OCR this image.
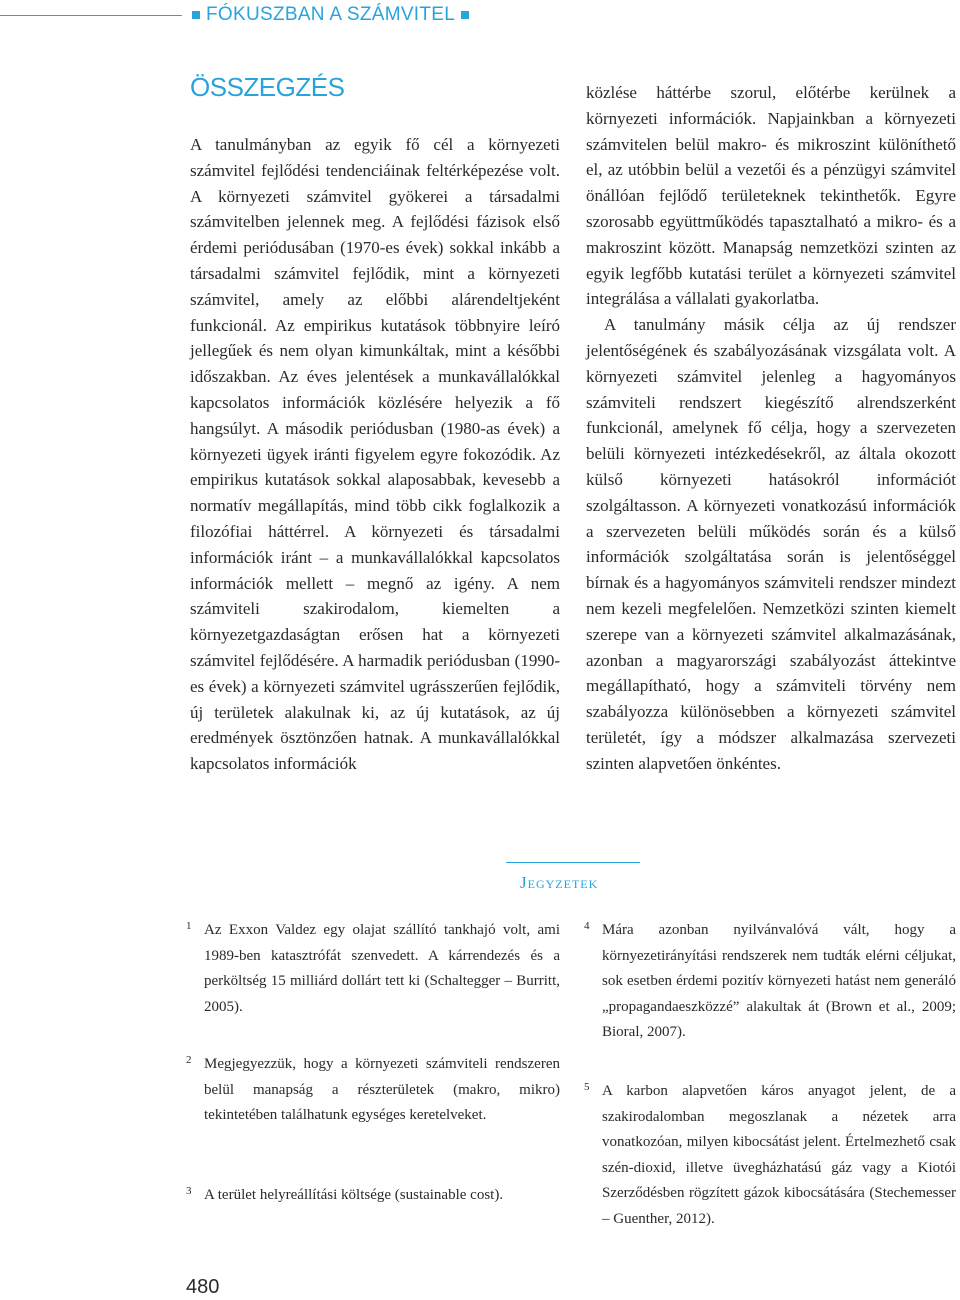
FÓKUSZBAN A SZÁMVITEL
ÖSSZEGZÉS

A tanulmányban az egyik fő cél a környezeti számvitel fejlődési tendenciáinak feltérképezése volt. A környezeti számvitel gyökerei a társadalmi számvitelben jelennek meg. A fejlődési fázisok első érdemi periódusában (1970-es évek) sokkal inkább a társadalmi számvitel fejlődik, mint a környezeti számvitel, amely az előbbi alárendeltjeként funkcionál. Az empirikus kutatások többnyire leíró jellegűek és nem olyan kimunkáltak, mint a későbbi időszakban. Az éves jelentések a munkavállalókkal kapcsolatos információk közlésére helyezik a fő hangsúlyt. A második periódusban (1980-as évek) a környezeti ügyek iránti figyelem egyre fokozódik. Az empirikus kutatások sokkal alaposabbak, kevesebb a normatív megállapítás, mind több cikk foglalkozik a filozófiai háttérrel. A környezeti és társadalmi információk iránt – a munkavállalókkal kapcsolatos információk mellett – megnő az igény. A nem számviteli szakirodalom, kiemelten a környezetgazdaságtan erősen hat a környezeti számvitel fejlődésére. A harmadik periódusban (1990-es évek) a környezeti számvitel ugrásszerűen fejlődik, új területek alakulnak ki, az új kutatások, az új eredmények ösztönzően hatnak. A munkavállalókkal kapcsolatos információk

közlése háttérbe szorul, előtérbe kerülnek a környezeti információk. Napjainkban a környezeti számvitelen belül makro- és mikroszint különíthető el, az utóbbin belül a vezetői és a pénzügyi számvitel önállóan fejlődő területeknek tekinthetők. Egyre szorosabb együttműködés tapasztalható a mikro- és a makroszint között. Manapság nemzetközi szinten az egyik legfőbb kutatási terület a környezeti számvitel integrálása a vállalati gyakorlatba.

A tanulmány másik célja az új rendszer jelentőségének és szabályozásának vizsgálata volt. A környezeti számvitel jelenleg a hagyományos számviteli rendszert kiegészítő alrendszerként funkcionál, amelynek fő célja, hogy a szervezeten belüli környezeti intézkedésekről, az általa okozott külső környezeti hatásokról információt szolgáltasson. A környezeti vonatkozású információk a szervezeten belüli működés során és a külső információk szolgáltatása során is jelentőséggel bírnak és a hagyományos számviteli rendszer mindezt nem kezeli megfelelően. Nemzetközi szinten kiemelt szerepe van a környezeti számvitel alkalmazásának, azonban a magyarországi szabályozást áttekintve megállapítható, hogy a számviteli törvény nem szabályozza különösebben a környezeti számvitel területét, így a módszer alkalmazása szervezeti szinten alapvetően önkéntes.

Jegyzetek
1 Az Exxon Valdez egy olajat szállító tankhajó volt, ami 1989-ben katasztrófát szenvedett. A kárrendezés és a perköltség 15 milliárd dollárt tett ki (Schaltegger – Burritt, 2005).
2 Megjegyezzük, hogy a környezeti számviteli rendszeren belül manapság a részterületek (makro, mikro) tekintetében találhatunk egységes keretelveket.
3 A terület helyreállítási költsége (sustainable cost).
4 Mára azonban nyilvánvalóvá vált, hogy a környezetirányítási rendszerek nem tudták elérni céljukat, sok esetben érdemi pozitív környezeti hatást nem generáló „propagandaeszközzé” alakultak át (Brown et al., 2009; Bioral, 2007).
5 A karbon alapvetően káros anyagot jelent, de a szakirodalomban megoszlanak a nézetek arra vonatkozóan, milyen kibocsátást jelent. Értelmezhető csak szén-dioxid, illetve üvegházhatású gáz vagy a Kiotói Szerződésben rögzített gázok kibocsátására (Stechemesser – Guenther, 2012).
480
